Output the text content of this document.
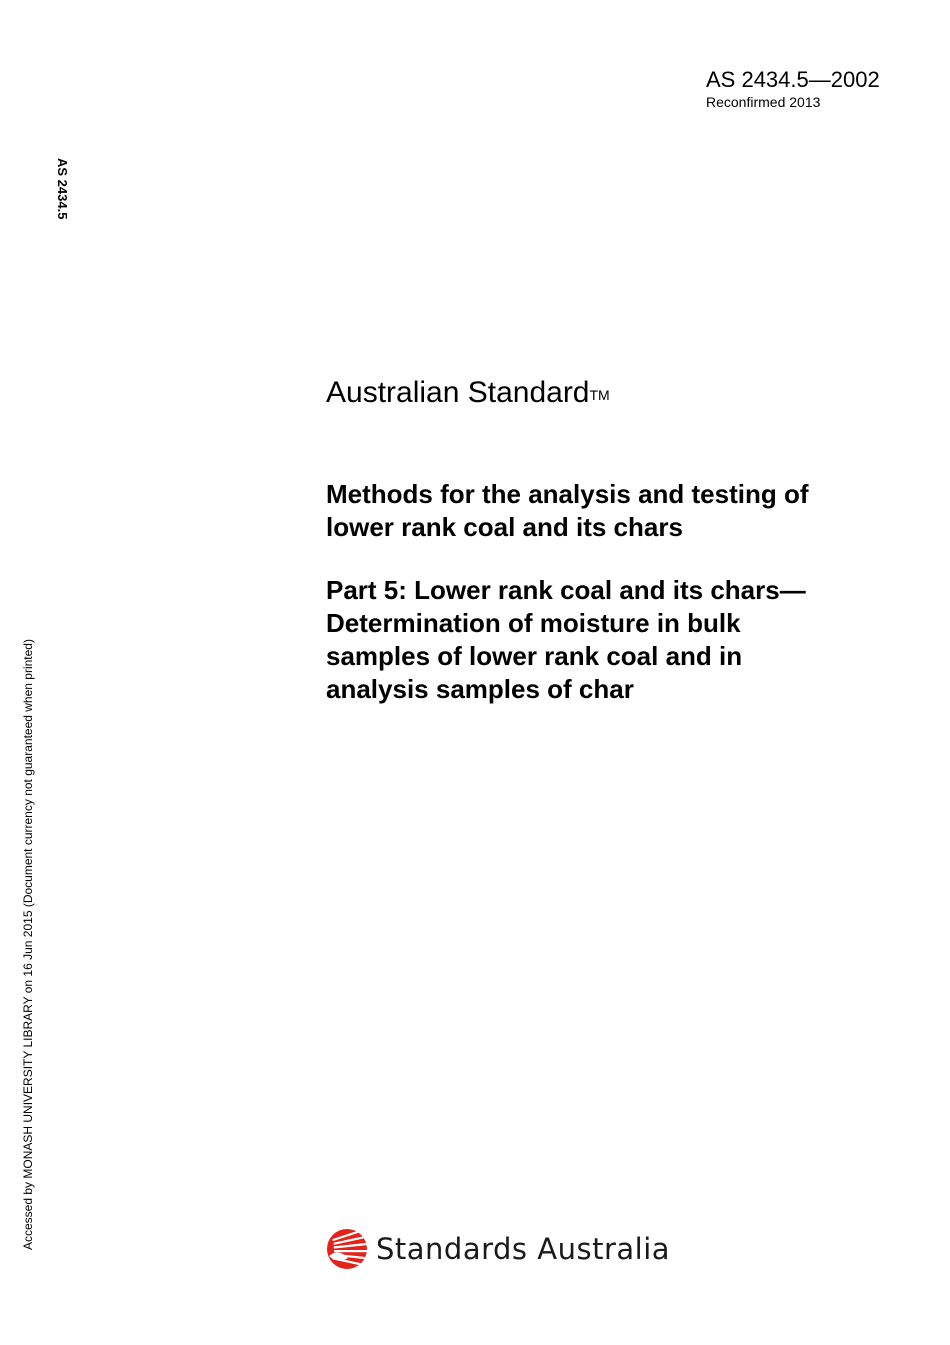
AS 2434.5—2002
Reconfirmed 2013
AS 2434.5
Accessed by MONASH UNIVERSITY LIBRARY on 16 Jun 2015 (Document currency not guaranteed when printed)
Australian Standard™
Methods for the analysis and testing of
lower rank coal and its chars
Part 5: Lower rank coal and its chars—
Determination of moisture in bulk
samples of lower rank coal and in
analysis samples of char
Standards Australia
